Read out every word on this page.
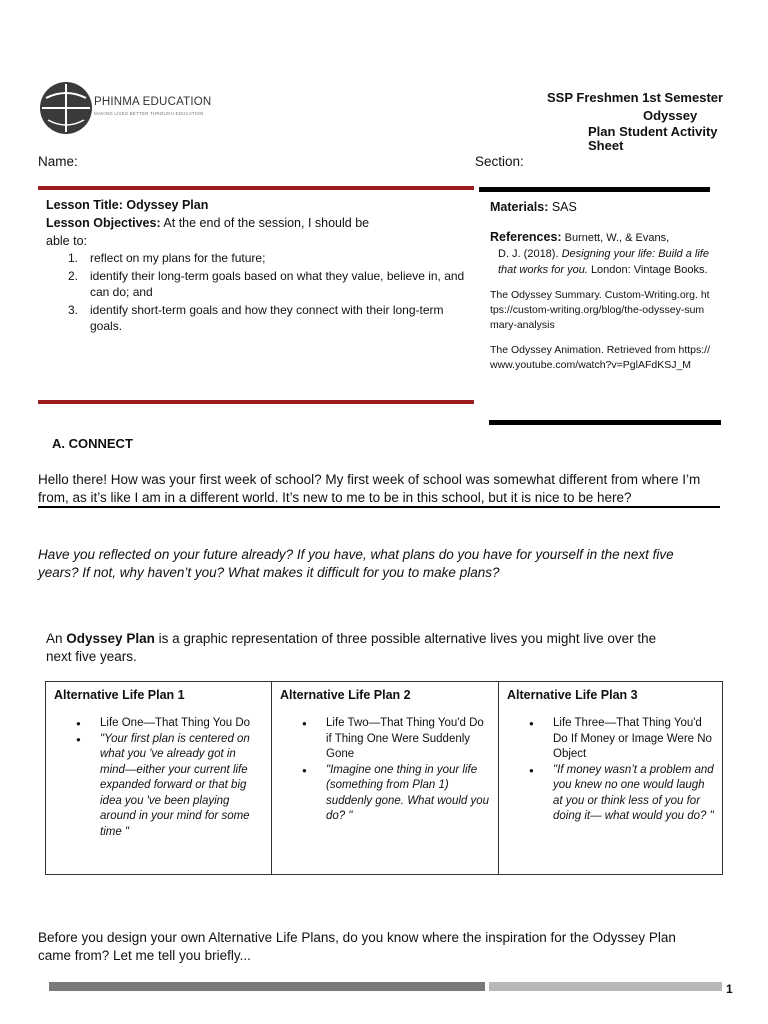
PHINMA EDUCATION
MAKING LIVES BETTER THROUGH EDUCATION
SSP Freshmen 1st Semester
Odyssey
Plan Student Activity
Sheet
Name:	Section:
Lesson Title: Odyssey Plan
Lesson Objectives: At the end of the session, I should be
able to:
1. reflect on my plans for the future;
2. identify their long-term goals based on what they value, believe in, and can do; and
3. identify short-term goals and how they connect with their long-term goals.
Materials: SAS
References: Burnett, W., & Evans,
D. J. (2018). Designing your life: Build a life that works for you. London: Vintage Books.
The Odyssey Summary. Custom-Writing.org. https://custom-writing.org/blog/the-odyssey-summary-analysis
The Odyssey Animation. Retrieved from https://www.youtube.com/watch?v=PglAFdKSJ_M
A. CONNECT
Hello there! How was your first week of school? My first week of school was somewhat different from where I’m
from, as it’s like I am in a different world. It’s new to me to be in this school, but it is nice to be here?
Have you reflected on your future already? If you have, what plans do you have for yourself in the next five years? If not, why haven’t you? What makes it difficult for you to make plans?
An Odyssey Plan is a graphic representation of three possible alternative lives you might live over the next five years.
Alternative Life Plan 1
● Life One—That Thing You Do
● "Your first plan is centered on what you 've already got in mind—either your current life expanded forward or that big idea you 've been playing around in your mind for some time "

Alternative Life Plan 2
● Life Two—That Thing You'd Do if Thing One Were Suddenly Gone
● "Imagine one thing in your life (something from Plan 1) suddenly gone. What would you do? "

Alternative Life Plan 3
● Life Three—That Thing You'd Do If Money or Image Were No Object
● "If money wasn’t a problem and you knew no one would laugh at you or think less of you for doing it— what would you do? "
Before you design your own Alternative Life Plans, do you know where the inspiration for the Odyssey Plan came from? Let me tell you briefly...
1
